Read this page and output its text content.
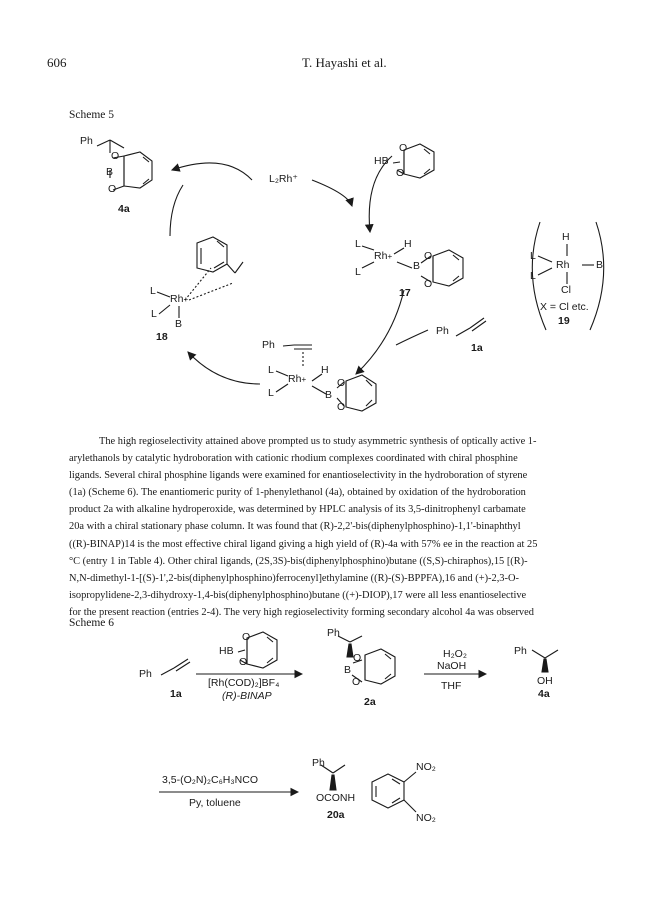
606	T. Hayashi et al.
Scheme 5
Ph
O
B
O
4a
L₂Rh⁺
HB
O
O
L
L
Rh+
H
B
O
O
17
H
L
L
Rh	B
Cl
X = Cl etc.
19
Ph
1a
L
L
Rh+
B
18
Ph
L
L
Rh+
H
B
O
O
The high regioselectivity attained above prompted us to study asymmetric synthesis of optically active 1-
arylethanols by catalytic hydroboration with cationic rhodium complexes coordinated with chiral phosphine
ligands. Several chiral phosphine ligands were examined for enantioselectivity in the hydroboration of styrene
(1a) (Scheme 6). The enantiomeric purity of 1-phenylethanol (4a), obtained by oxidation of the hydroboration
product 2a with alkaline hydroperoxide, was determined by HPLC analysis of its 3,5-dinitrophenyl carbamate
20a with a chiral stationary phase column. It was found that (R)-2,2'-bis(diphenylphosphino)-1,1'-binaphthyl
((R)-BINAP)14 is the most effective chiral ligand giving a high yield of (R)-4a with 57% ee in the reaction at 25
°C (entry 1 in Table 4). Other chiral ligands, (2S,3S)-bis(diphenylphosphino)butane ((S,S)-chiraphos),15 [(R)-
N,N-dimethyl-1-[(S)-1',2-bis(diphenylphosphino)ferrocenyl]ethylamine ((R)-(S)-BPPFA),16 and (+)-2,3-O-
isopropylidene-2,3-dihydroxy-1,4-bis(diphenylphosphino)butane ((+)-DIOP),17 were all less enantioselective
for the present reaction (entries 2-4). The very high regioselectivity forming secondary alcohol 4a was observed
Scheme 6
Ph
1a
HB
O
O
[Rh(COD)₂]BF₄
(R)-BINAP
Ph
O
B
O
2a
H₂O₂
NaOH
THF
Ph
OH
4a
3,5-(O₂N)₂C₆H₃NCO
Py, toluene
Ph
OCONH
NO₂
NO₂
20a
